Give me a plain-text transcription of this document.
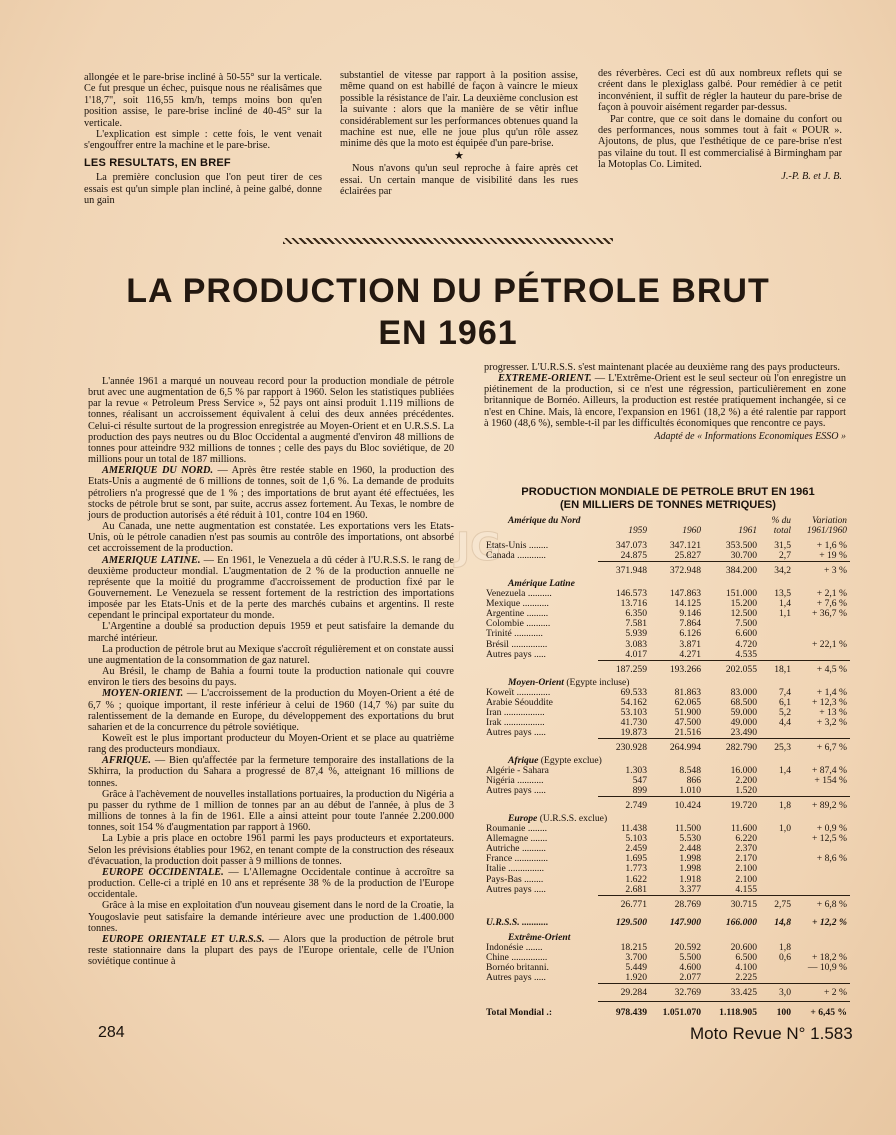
allongée et le pare-brise incliné à 50-55° sur la verticale. Ce fut presque un échec, puisque nous ne réalisâmes que 1'18,7", soit 116,55 km/h, temps moins bon qu'en position assise, le pare-brise incliné de 40-45° sur la verticale.

L'explication est simple : cette fois, le vent venait s'engouffrer entre la machine et le pare-brise.

LES RESULTATS, EN BREF

La première conclusion que l'on peut tirer de ces essais est qu'un simple plan incliné, à peine galbé, donne un gain

substantiel de vitesse par rapport à la position assise, même quand on est habillé de façon à vaincre le mieux possible la résistance de l'air. La deuxième conclusion est la suivante : alors que la manière de se vêtir influe considérablement sur les performances obtenues quand la machine est nue, elle ne joue plus qu'un rôle assez minime dès que la moto est équipée d'un pare-brise.

★

Nous n'avons qu'un seul reproche à faire après cet essai. Un certain manque de visibilité dans les rues éclairées par

des réverbères. Ceci est dû aux nombreux reflets qui se créent dans le plexiglass galbé. Pour remédier à ce petit inconvénient, il suffit de régler la hauteur du pare-brise de façon à pouvoir aisément regarder par-dessus.

Par contre, que ce soit dans le domaine du confort ou des performances, nous sommes tout à fait « POUR ». Ajoutons, de plus, que l'esthétique de ce pare-brise n'est pas vilaine du tout. Il est commercialisé à Birmingham par la Motoplas Co. Limited.

J.-P. B. et J. B.
LA PRODUCTION DU PÉTROLE BRUT
EN 1961

L'année 1961 a marqué un nouveau record pour la production mondiale de pétrole brut avec une augmentation de 6,5 % par rapport à 1960. Selon les statistiques publiées par la revue « Petroleum Press Service », 52 pays ont ainsi produit 1.119 millions de tonnes, réalisant un accroissement équivalent à celui des deux années précédentes. Celui-ci résulte surtout de la progression enregistrée au Moyen-Orient et en U.R.S.S. La production des pays neutres ou du Bloc Occidental a augmenté d'environ 48 millions de tonnes pour atteindre 932 millions de tonnes ; celle des pays du Bloc soviétique, de 20 millions pour un total de 187 millions.

AMERIQUE DU NORD. — Après être restée stable en 1960, la production des Etats-Unis a augmenté de 6 millions de tonnes, soit de 1,6 %. La demande de produits pétroliers n'a progressé que de 1 % ; des importations de brut ayant été effectuées, les stocks de pétrole brut se sont, par suite, accrus assez fortement. Au Texas, le nombre de jours de production autorisés a été réduit à 101, contre 104 en 1960.

Au Canada, une nette augmentation est constatée. Les exportations vers les Etats-Unis, où le pétrole canadien n'est pas soumis au contrôle des importations, ont absorbé cet accroissement de la production.

AMERIQUE LATINE. — En 1961, le Venezuela a dû céder à l'U.R.S.S. le rang de deuxième producteur mondial. L'augmentation de 2 % de la production annuelle ne représente que la moitié du programme d'accroissement de production fixé par le Gouvernement. Le Venezuela se ressent fortement de la restriction des importations imposée par les Etats-Unis et de la perte des marchés cubains et argentins. Il reste cependant le principal exportateur du monde.

L'Argentine a doublé sa production depuis 1959 et peut satisfaire la demande du marché intérieur.

La production de pétrole brut au Mexique s'accroît régulièrement et on constate aussi une augmentation de la consommation de gaz naturel.

Au Brésil, le champ de Bahia a fourni toute la production nationale qui couvre environ le tiers des besoins du pays.

MOYEN-ORIENT. — L'accroissement de la production du Moyen-Orient a été de 6,7 % ; quoique important, il reste inférieur à celui de 1960 (14,7 %) par suite du ralentissement de la demande en Europe, du développement des exportations du brut saharien et de la concurrence du pétrole soviétique.

Koweït est le plus important producteur du Moyen-Orient et se place au quatrième rang des producteurs mondiaux.

AFRIQUE. — Bien qu'affectée par la fermeture temporaire des installations de la Skhirra, la production du Sahara a progressé de 87,4 %, atteignant 16 millions de tonnes.

Grâce à l'achèvement de nouvelles installations portuaires, la production du Nigéria a pu passer du rythme de 1 million de tonnes par an au début de l'année, à plus de 3 millions de tonnes à la fin de 1961. Elle a ainsi atteint pour toute l'année 2.200.000 tonnes, soit 154 % d'augmentation par rapport à 1960.

La Lybie a pris place en octobre 1961 parmi les pays producteurs et exportateurs. Selon les prévisions établies pour 1962, en tenant compte de la construction des réseaux d'évacuation, la production doit passer à 9 millions de tonnes.

EUROPE OCCIDENTALE. — L'Allemagne Occidentale continue à accroître sa production. Celle-ci a triplé en 10 ans et représente 38 % de la production de l'Europe occidentale.

Grâce à la mise en exploitation d'un nouveau gisement dans le nord de la Croatie, la Yougoslavie peut satisfaire la demande intérieure avec une production de 1.400.000 tonnes.

EUROPE ORIENTALE ET U.R.S.S. — Alors que la production de pétrole brut reste stationnaire dans la plupart des pays de l'Europe orientale, celle de l'Union soviétique continue à

progresser. L'U.R.S.S. s'est maintenant placée au deuxième rang des pays producteurs.

EXTREME-ORIENT. — L'Extrême-Orient est le seul secteur où l'on enregistre un piétinement de la production, si ce n'est une régression, particulièrement en zone britannique de Bornéo. Ailleurs, la production est restée pratiquement inchangée, si ce n'est en Chine. Mais, là encore, l'expansion en 1961 (18,2 %) a été ralentie par rapport à 1960 (48,6 %), semble-t-il par les difficultés économiques que rencontre ce pays.

Adapté de « Informations Economiques ESSO »
PRODUCTION MONDIALE DE PETROLE BRUT EN 1961
(EN MILLIERS DE TONNES METRIQUES)
JG
Amérique du Nord				% du	Variation
	1959	1960	1961	total	1961/1960

Etats-Unis ........	347.073	347.121	353.500	31,5	+ 1,6 %
Canada ............	24.875	25.827	30.700	2,7	+ 19 %
	371.948	372.948	384.200	34,2	+ 3 %
Amérique Latine					
Venezuela ..........	146.573	147.863	151.000	13,5	+ 2,1 %
Mexique ...........	13.716	14.125	15.200	1,4	+ 7,6 %
Argentine .........	6.350	9.146	12.500	1,1	+ 36,7 %
Colombie ..........	7.581	7.864	7.500		
Trinité ............	5.939	6.126	6.600		
Brésil ...............	3.083	3.871	4.720		+ 22,1 %
Autres pays .....	4.017	4.271	4.535		
	187.259	193.266	202.055	18,1	+ 4,5 %
Moyen-Orient (Egypte incluse)					
Koweït ..............	69.533	81.863	83.000	7,4	+ 1,4 %
Arabie Séouddite	54.162	62.065	68.500	6,1	+ 12,3 %
Iran .................	53.103	51.900	59.000	5,2	+ 13 %
Irak .................	41.730	47.500	49.000	4,4	+ 3,2 %
Autres pays .....	19.873	21.516	23.490		
	230.928	264.994	282.790	25,3	+ 6,7 %
Afrique (Egypte exclue)					
Algérie - Sahara	1.303	8.548	16.000	1,4	+ 87,4 %
Nigéria ...........	547	866	2.200		+ 154 %
Autres pays .....	899	1.010	1.520		
	2.749	10.424	19.720	1,8	+ 89,2 %
Europe (U.R.S.S. exclue)					
Roumanie ........	11.438	11.500	11.600	1,0	+ 0,9 %
Allemagne .......	5.103	5.530	6.220		+ 12,5 %
Autriche ..........	2.459	2.448	2.370		
France ..............	1.695	1.998	2.170		+ 8,6 %
Italie ...............	1.773	1.998	2.100		
Pays-Bas ........	1.622	1.918	2.100		
Autres pays .....	2.681	3.377	4.155		
	26.771	28.769	30.715	2,75	+ 6,8 %
U.R.S.S. ...........	129.500	147.900	166.000	14,8	+ 12,2 %
Extrême-Orient					
Indonésie .......	18.215	20.592	20.600	1,8	
Chine ...............	3.700	5.500	6.500	0,6	+ 18,2 %
Bornéo britanni.	5.449	4.600	4.100		— 10,9 %
Autres pays .....	1.920	2.077	2.225		
	29.284	32.769	33.425	3,0	+ 2 %
Total Mondial .:	978.439	1.051.070	1.118.905	100	+ 6,45 %
284	Moto Revue N° 1.583
